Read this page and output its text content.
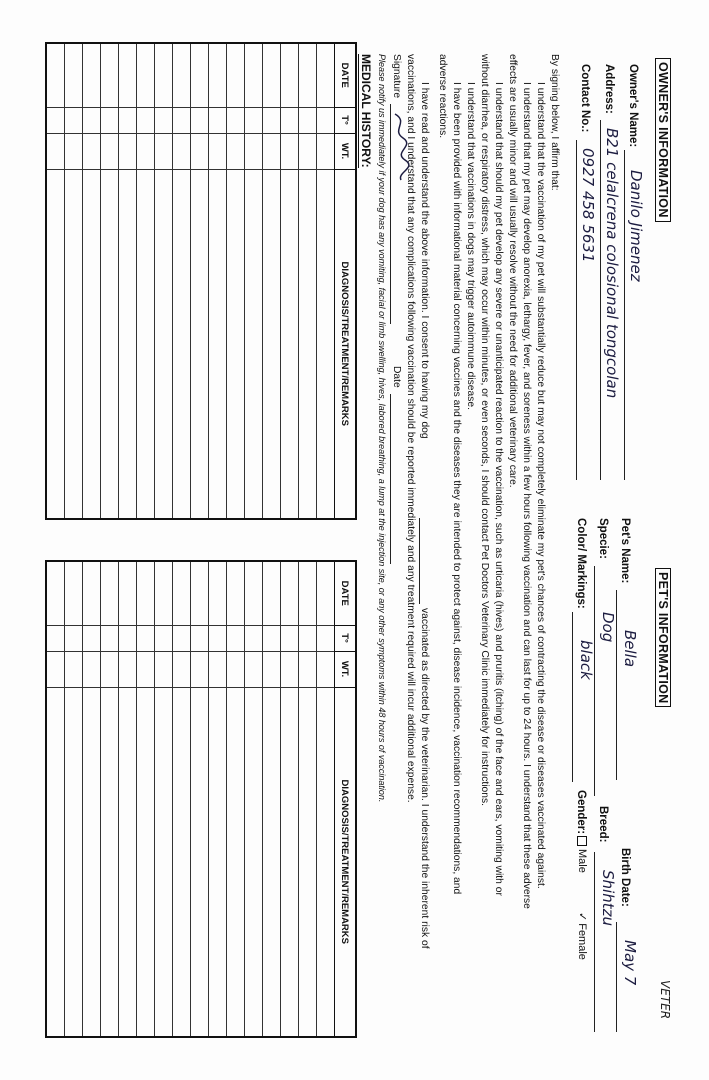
OWNER'S INFORMATION
Owner's Name:
Danilo Jimenez
Address:
B21 celalcrena colosional tongcolan
Contact No.:
0927 458 5631
PET'S INFORMATION
Pet's Name:
Bella
Birth Date:
May 7
Specie:
Dog
Breed:
Shihtzu
Color/ Markings:
black
Gender:
Male
✓Female
By signing below, I affirm that:
I understand that the vaccination of my pet will substantially reduce but may not completely eliminate my pet's chances of contracting the disease or diseases vaccinated against.
I understand that my pet may develop anorexia, lethargy, fever, and soreness within a few hours following vaccination and can last for up to 24 hours. I understand that these adverse
effects are usually minor and will usually resolve without the need for additional veterinary care.
I understand that should my pet develop any severe or unanticipated reaction to the vaccination, such as urticaria (hives) and pruritis (itching) of the face and ears, vomiting with or
without diarrhea, or respiratory distress, which may occur within minutes, or even seconds, I should contact Pet Doctors Veterinary Clinic immediately for instructions.
I understand that vaccinations in dogs may trigger autoimmune disease.
I have been provided with informational material concerning vaccines and the diseases they are intended to protect against, disease incidence, vaccination recommendations, and
adverse reactions.
I have read and understand the above information. I consent to having my dog
vaccinated as directed by the veterinarian. I understand the inherent risk of
vaccinations, and I understand that any complications following vaccination should be reported immediately and any treatment required will incur additional expense.
Signature
Date
Please notify us immediately if your dog has any vomiting, facial or limb swelling, hives, labored breathing, a lump at the injection site, or any other symptoms within 48 hours of vaccination.
MEDICAL HISTORY:
DATE	T°	WT.	DIAGNOSIS/TREATMENT/REMARKS

DATE	T°	WT.	DIAGNOSIS/TREATMENT/REMARKS

VETER
